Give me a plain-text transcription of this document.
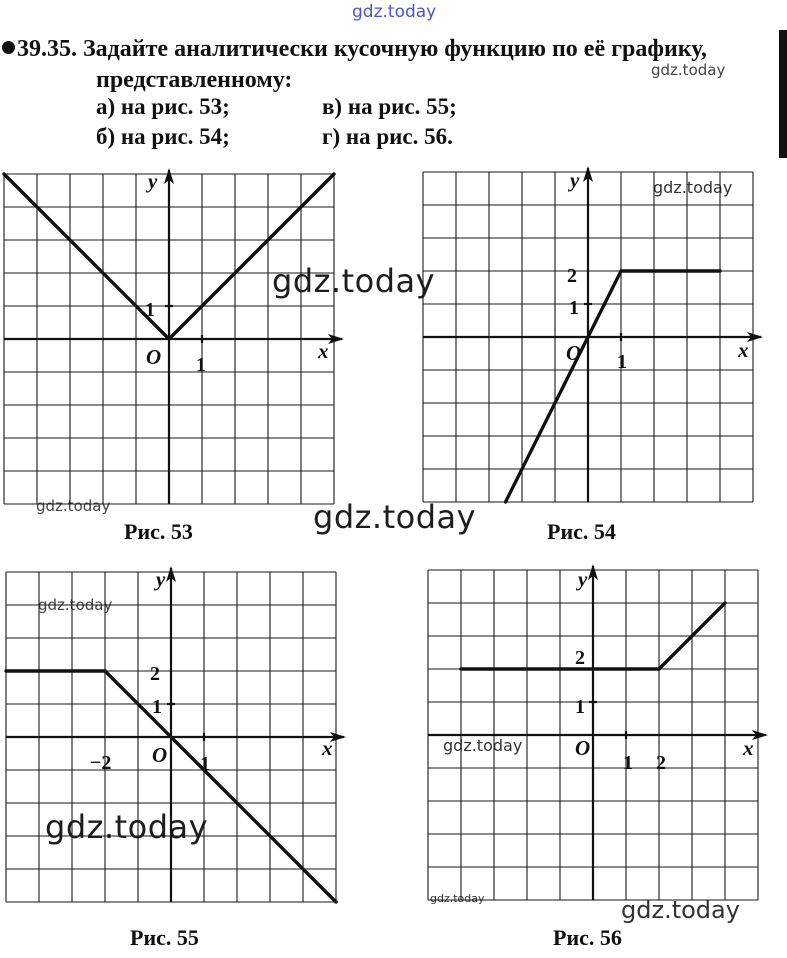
gdz.today
gdz.today
gdz.today
gdz.today
gdz.today	gdz.today
gdz.today
gdz.today
gdz.today
gdz.today	gdz.today
39.35. Задайте аналитически кусочную функцию по её графику,
представленному:
а) на рис. 53;	в) на рис. 55;
б) на рис. 54;	г) на рис. 56.
1
1
O	x
y
Рис. 53
2
1
1
O	x
y
Рис. 54
2
1
−2	1
O	x
y
Рис. 55
2
1
1 2
O	x
y
Рис. 56
